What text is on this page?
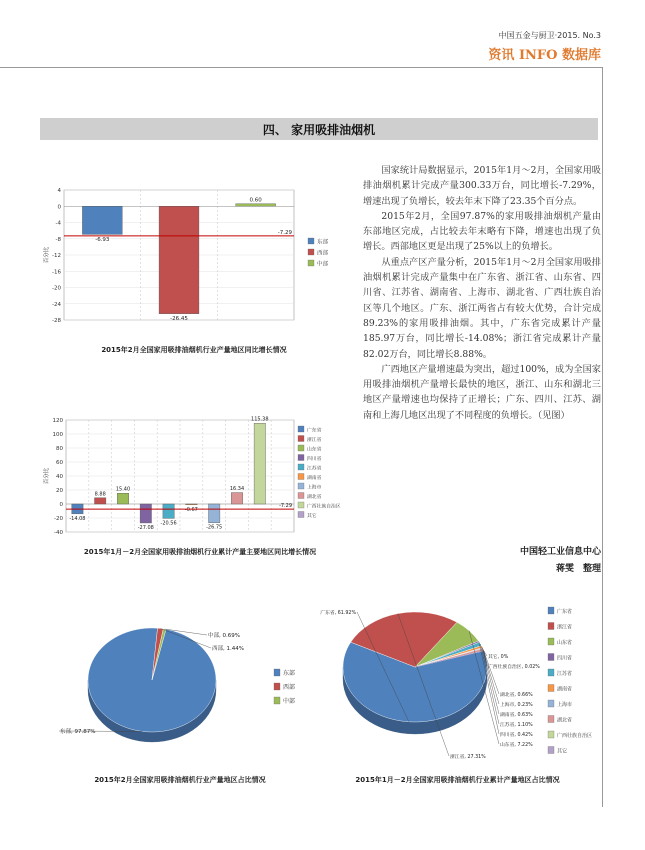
中国五金与厨卫·2015. No.3
资讯 INFO 数据库
四、 家用吸排油烟机

国家统计局数据显示，2015年1月～2月，全国家用吸排油烟机累计完成产量300.33万台，同比增长-7.29%，增速出现了负增长，较去年末下降了23.35个百分点。

2015年2月，全国97.87%的家用吸排油烟机产量由东部地区完成，占比较去年末略有下降，增速也出现了负增长。西部地区更是出现了25%以上的负增长。

从重点产区产量分析，2015年1月～2月全国家用吸排油烟机累计完成产量集中在广东省、浙江省、山东省、四川省、江苏省、湖南省、上海市、湖北省、广西壮族自治区等几个地区。广东、浙江两省占有较大优势，合计完成89.23%的家用吸排油烟。其中，广东省完成累计产量185.97万台，同比增长-14.08%；浙江省完成累计产量82.02万台，同比增长8.88%。

广西地区产量增速最为突出，超过100%，成为全国家用吸排油烟机产量增长最快的地区，浙江、山东和湖北三地区产量增速也均保持了正增长；广东、四川、江苏、湖南和上海几地区出现了不同程度的负增长。（见图）

中国轻工业信息中心
蒋雯　整理
4
0
-4
-8
-12
-16
-20
-24
-28
-6.93
-26.45
0.60
-7.29
百分比
东部
西部
中部
2015年2月全国家用吸排油烟机行业产量地区同比增长情况
120
100
80
60
40
20
0
-20
-40
-14.08
8.88
15.40
-27.08
-20.56
-0.67
-26.75
16.34
115.38
-7.29
百分比
广东省
浙江省
山东省
四川省
江苏省
湖南省
上海市
湖北省
广西壮族自治区
其它
2015年1月－2月全国家用吸排油烟机行业累计产量主要地区同比增长情况
东部, 97.87%
西部, 1.44%
中部, 0.69%
东部
西部
中部
2015年2月全国家用吸排油烟机行业产量地区占比情况
广东省, 61.92%
浙江省, 27.31%
山东省, 7.22%
四川省, 0.42%
江苏省, 1.10%
湖南省, 0.63%
上海市, 0.23%
湖北省, 0.66%
广西壮族自治区, 0.02%
其它, 0%
广东省
浙江省
山东省
四川省
江苏省
湖南省
上海市
湖北省
广西壮族自治区
其它
2015年1月－2月全国家用吸排油烟机行业累计产量地区占比情况
